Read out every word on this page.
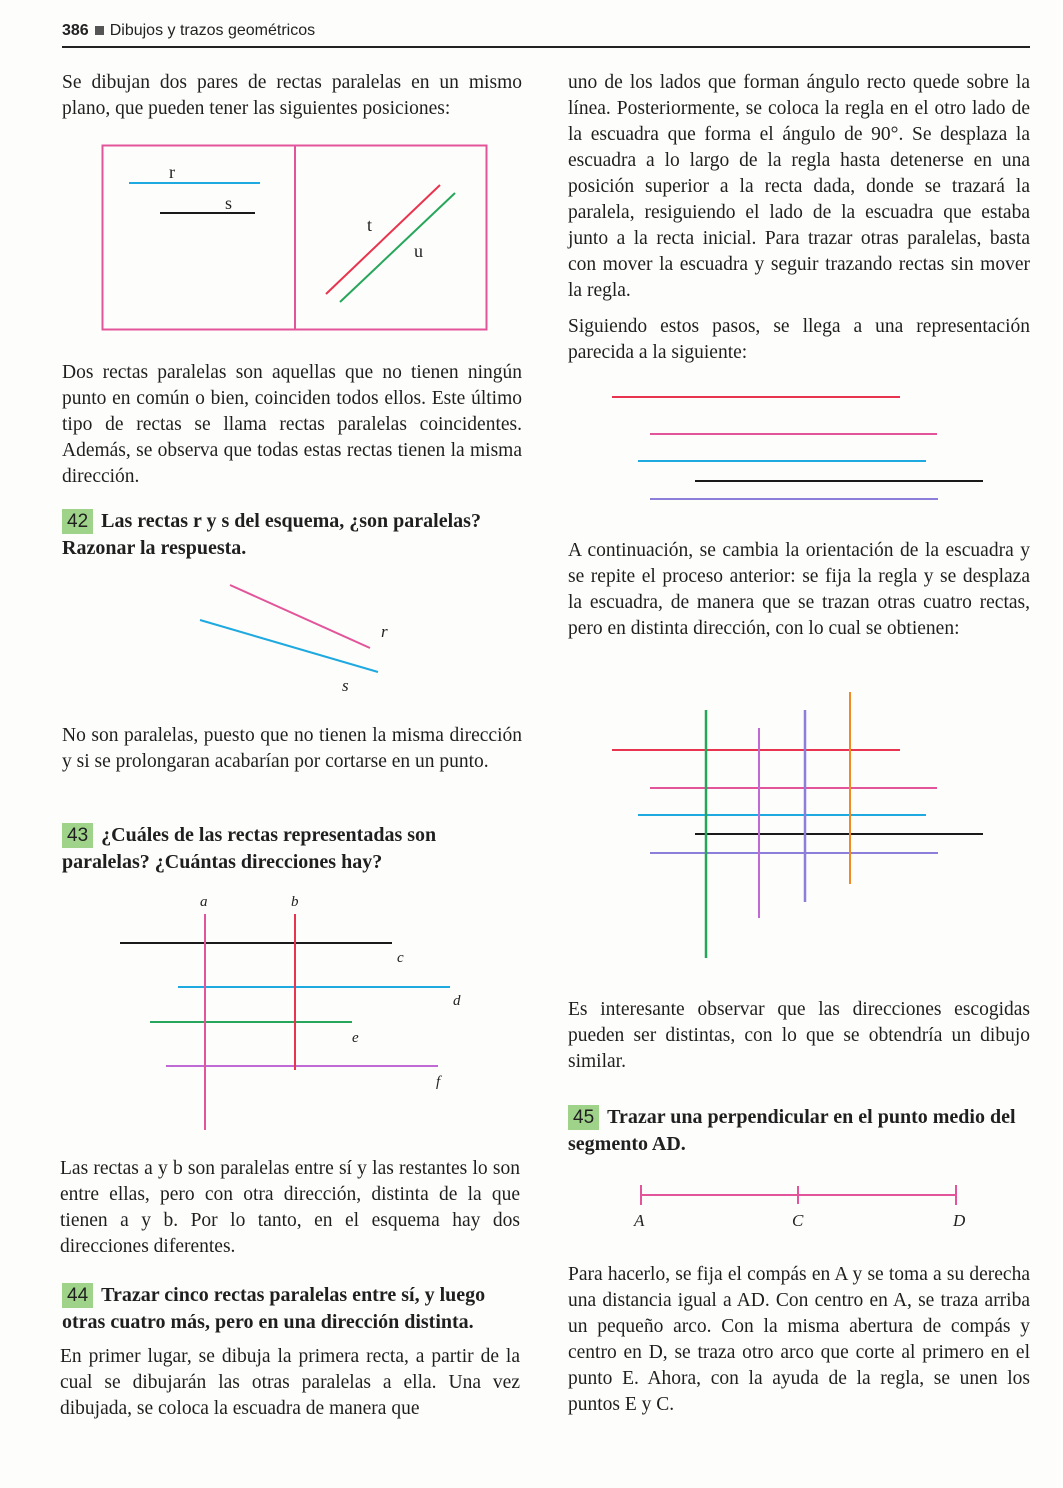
386 Dibujos y trazos geométricos

Se dibujan dos pares de rectas paralelas en un mismo plano, que pueden tener las siguientes posiciones:

r
s
t
u

Dos rectas paralelas son aquellas que no tienen ningún punto en común o bien, coinciden todos ellos. Este último tipo de rectas se llama rectas paralelas coincidentes. Además, se observa que todas estas rectas tienen la misma dirección.

42 Las rectas r y s del esquema, ¿son paralelas? Razonar la respuesta.

r
s

No son paralelas, puesto que no tienen la misma dirección y si se prolongaran acabarían por cortarse en un punto.

43 ¿Cuáles de las rectas representadas son paralelas? ¿Cuántas direcciones hay?

a	b
c
d
e
f

Las rectas a y b son paralelas entre sí y las restantes lo son entre ellas, pero con otra dirección, distinta de la que tienen a y b. Por lo tanto, en el esquema hay dos direcciones diferentes.

44 Trazar cinco rectas paralelas entre sí, y luego otras cuatro más, pero en una dirección distinta.

En primer lugar, se dibuja la primera recta, a partir de la cual se dibujarán las otras paralelas a ella. Una vez dibujada, se coloca la escuadra de manera que

uno de los lados que forman ángulo recto quede sobre la línea. Posteriormente, se coloca la regla en el otro lado de la escuadra que forma el ángulo de 90°. Se desplaza la escuadra a lo largo de la regla hasta detenerse en una posición superior a la recta dada, donde se trazará la paralela, resiguiendo el lado de la escuadra que estaba junto a la recta inicial. Para trazar otras paralelas, basta con mover la escuadra y seguir trazando rectas sin mover la regla.

Siguiendo estos pasos, se llega a una representación parecida a la siguiente:

A continuación, se cambia la orientación de la escuadra y se repite el proceso anterior: se fija la regla y se desplaza la escuadra, de manera que se trazan otras cuatro rectas, pero en distinta dirección, con lo cual se obtienen:

Es interesante observar que las direcciones escogidas pueden ser distintas, con lo que se obtendría un dibujo similar.

45 Trazar una perpendicular en el punto medio del segmento AD.

A	C	D

Para hacerlo, se fija el compás en A y se toma a su derecha una distancia igual a AD. Con centro en A, se traza arriba un pequeño arco. Con la misma abertura de compás y centro en D, se traza otro arco que corte al primero en el punto E. Ahora, con la ayuda de la regla, se unen los puntos E y C.
